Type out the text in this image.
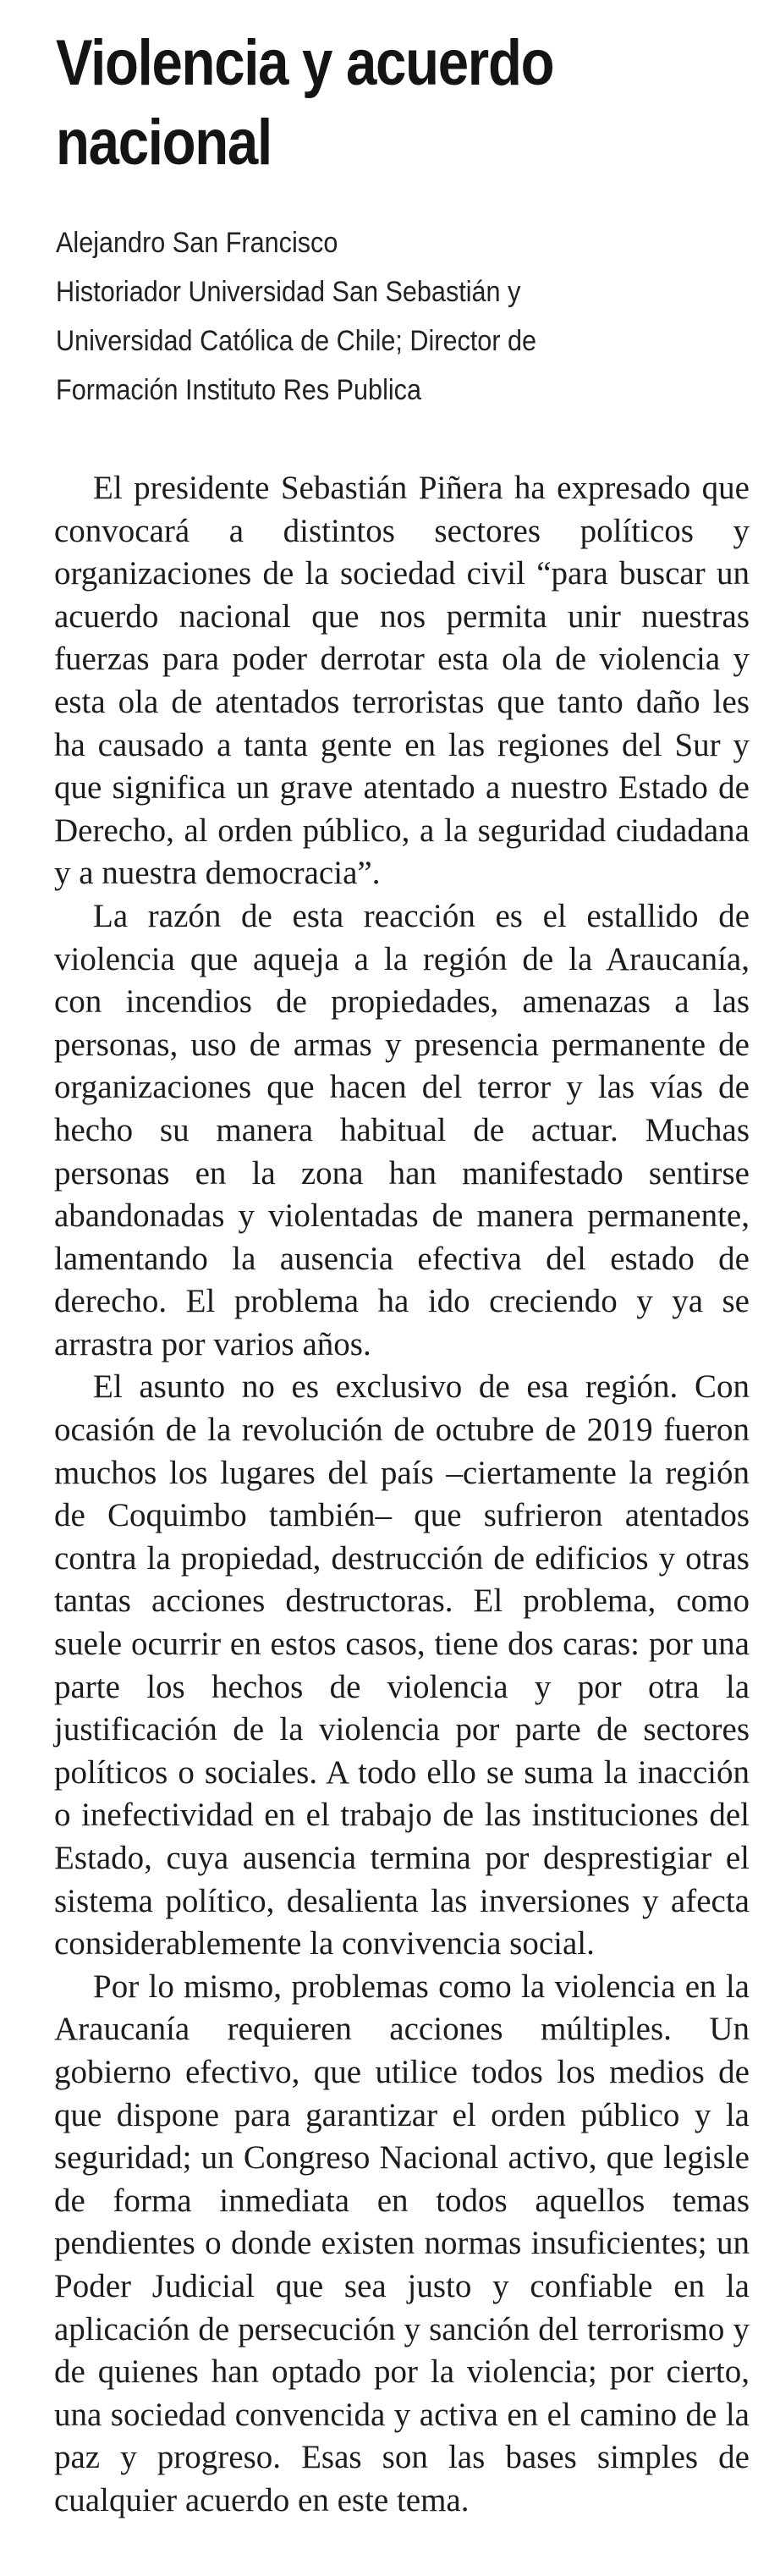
Violencia y acuerdo nacional
Alejandro San Francisco
Historiador Universidad San Sebastián y
Universidad Católica de Chile; Director de
Formación Instituto Res Publica

El presidente Sebastián Piñera ha expresado que convocará a distintos sectores políticos y organizaciones de la sociedad civil “para buscar un acuerdo nacional que nos permita unir nuestras fuerzas para poder derrotar esta ola de violencia y esta ola de atentados terroristas que tanto daño les ha causado a tanta gente en las regiones del Sur y que significa un grave atentado a nuestro Estado de Derecho, al orden público, a la seguridad ciudadana y a nuestra democracia”.

La razón de esta reacción es el estallido de violencia que aqueja a la región de la Araucanía, con incendios de propiedades, amenazas a las personas, uso de armas y presencia permanente de organizaciones que hacen del terror y las vías de hecho su manera habitual de actuar. Muchas personas en la zona han manifestado sentirse abandonadas y violentadas de manera permanente, lamentando la ausencia efectiva del estado de derecho. El problema ha ido creciendo y ya se arrastra por varios años.

El asunto no es exclusivo de esa región. Con ocasión de la revolución de octubre de 2019 fueron muchos los lugares del país –ciertamente la región de Coquimbo también– que sufrieron atentados contra la propiedad, destrucción de edificios y otras tantas acciones destructoras. El problema, como suele ocurrir en estos casos, tiene dos caras: por una parte los hechos de violencia y por otra la justificación de la violencia por parte de sectores políticos o sociales. A todo ello se suma la inacción o inefectividad en el trabajo de las instituciones del Estado, cuya ausencia termina por desprestigiar el sistema político, desalienta las inversiones y afecta considerablemente la convivencia social.

Por lo mismo, problemas como la violencia en la Araucanía requieren acciones múltiples. Un gobierno efectivo, que utilice todos los medios de que dispone para garantizar el orden público y la seguridad; un Congreso Nacional activo, que legisle de forma inmediata en todos aquellos temas pendientes o donde existen normas insuficientes; un Poder Judicial que sea justo y confiable en la aplicación de persecución y sanción del terrorismo y de quienes han optado por la violencia; por cierto, una sociedad convencida y activa en el camino de la paz y progreso. Esas son las bases simples de cualquier acuerdo en este tema.
